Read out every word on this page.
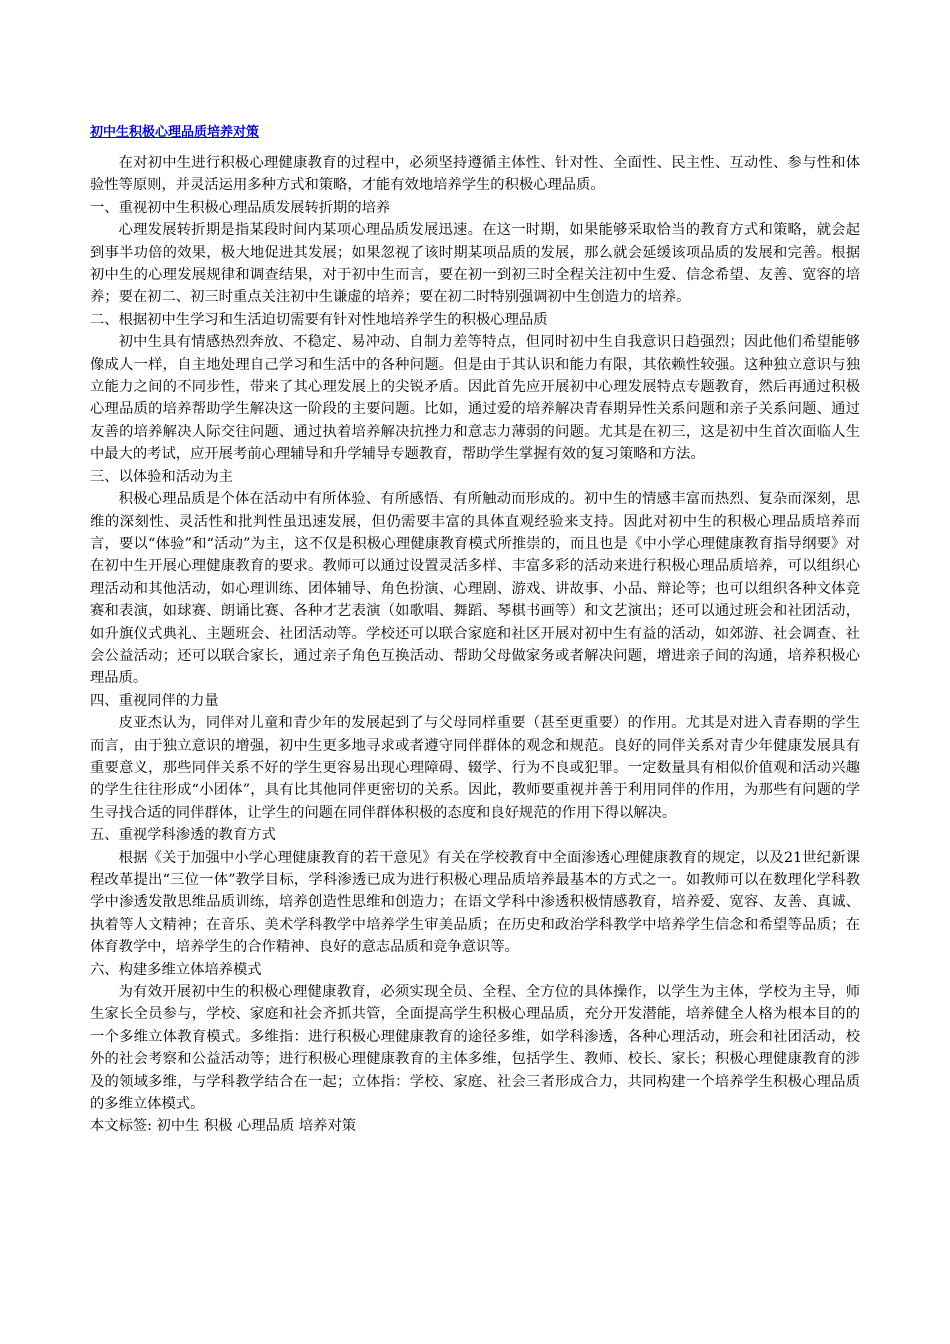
初中生积极心理品质培养对策

在对初中生进行积极心理健康教育的过程中，必须坚持遵循主体性、针对性、全面性、民主性、互动性、参与性和体验性等原则，并灵活运用多种方式和策略，才能有效地培养学生的积极心理品质。

一、重视初中生积极心理品质发展转折期的培养

心理发展转折期是指某段时间内某项心理品质发展迅速。在这一时期，如果能够采取恰当的教育方式和策略，就会起到事半功倍的效果，极大地促进其发展；如果忽视了该时期某项品质的发展，那么就会延缓该项品质的发展和完善。根据初中生的心理发展规律和调查结果，对于初中生而言，要在初一到初三时全程关注初中生爱、信念希望、友善、宽容的培养；要在初二、初三时重点关注初中生谦虚的培养；要在初二时特别强调初中生创造力的培养。

二、根据初中生学习和生活迫切需要有针对性地培养学生的积极心理品质

初中生具有情感热烈奔放、不稳定、易冲动、自制力差等特点，但同时初中生自我意识日趋强烈；因此他们希望能够像成人一样，自主地处理自己学习和生活中的各种问题。但是由于其认识和能力有限，其依赖性较强。这种独立意识与独立能力之间的不同步性，带来了其心理发展上的尖锐矛盾。因此首先应开展初中心理发展特点专题教育，然后再通过积极心理品质的培养帮助学生解决这一阶段的主要问题。比如，通过爱的培养解决青春期异性关系问题和亲子关系问题、通过友善的培养解决人际交往问题、通过执着培养解决抗挫力和意志力薄弱的问题。尤其是在初三，这是初中生首次面临人生中最大的考试，应开展考前心理辅导和升学辅导专题教育，帮助学生掌握有效的复习策略和方法。

三、以体验和活动为主

积极心理品质是个体在活动中有所体验、有所感悟、有所触动而形成的。初中生的情感丰富而热烈、复杂而深刻，思维的深刻性、灵活性和批判性虽迅速发展，但仍需要丰富的具体直观经验来支持。因此对初中生的积极心理品质培养而言，要以“体验”和“活动”为主，这不仅是积极心理健康教育模式所推崇的，而且也是《中小学心理健康教育指导纲要》对在初中生开展心理健康教育的要求。教师可以通过设置灵活多样、丰富多彩的活动来进行积极心理品质培养，可以组织心理活动和其他活动，如心理训练、团体辅导、角色扮演、心理剧、游戏、讲故事、小品、辩论等；也可以组织各种文体竞赛和表演，如球赛、朗诵比赛、各种才艺表演（如歌唱、舞蹈、琴棋书画等）和文艺演出；还可以通过班会和社团活动，如升旗仪式典礼、主题班会、社团活动等。学校还可以联合家庭和社区开展对初中生有益的活动，如郊游、社会调查、社会公益活动；还可以联合家长，通过亲子角色互换活动、帮助父母做家务或者解决问题，增进亲子间的沟通，培养积极心理品质。

四、重视同伴的力量

皮亚杰认为，同伴对儿童和青少年的发展起到了与父母同样重要（甚至更重要）的作用。尤其是对进入青春期的学生而言，由于独立意识的增强，初中生更多地寻求或者遵守同伴群体的观念和规范。良好的同伴关系对青少年健康发展具有重要意义，那些同伴关系不好的学生更容易出现心理障碍、辍学、行为不良或犯罪。一定数量具有相似价值观和活动兴趣的学生往往形成“小团体”，具有比其他同伴更密切的关系。因此，教师要重视并善于利用同伴的作用，为那些有问题的学生寻找合适的同伴群体，让学生的问题在同伴群体积极的态度和良好规范的作用下得以解决。

五、重视学科渗透的教育方式

根据《关于加强中小学心理健康教育的若干意见》有关在学校教育中全面渗透心理健康教育的规定，以及21世纪新课程改革提出“三位一体”教学目标，学科渗透已成为进行积极心理品质培养最基本的方式之一。如教师可以在数理化学科教学中渗透发散思维品质训练，培养创造性思维和创造力；在语文学科中渗透积极情感教育，培养爱、宽容、友善、真诚、执着等人文精神；在音乐、美术学科教学中培养学生审美品质；在历史和政治学科教学中培养学生信念和希望等品质；在体育教学中，培养学生的合作精神、良好的意志品质和竞争意识等。

六、构建多维立体培养模式

为有效开展初中生的积极心理健康教育，必须实现全员、全程、全方位的具体操作，以学生为主体，学校为主导，师生家长全员参与，学校、家庭和社会齐抓共管，全面提高学生积极心理品质，充分开发潜能，培养健全人格为根本目的的一个多维立体教育模式。多维指：进行积极心理健康教育的途径多维，如学科渗透，各种心理活动，班会和社团活动，校外的社会考察和公益活动等；进行积极心理健康教育的主体多维，包括学生、教师、校长、家长；积极心理健康教育的涉及的领域多维，与学科教学结合在一起；立体指：学校、家庭、社会三者形成合力，共同构建一个培养学生积极心理品质的多维立体模式。

本文标签: 初中生 积极 心理品质 培养对策
